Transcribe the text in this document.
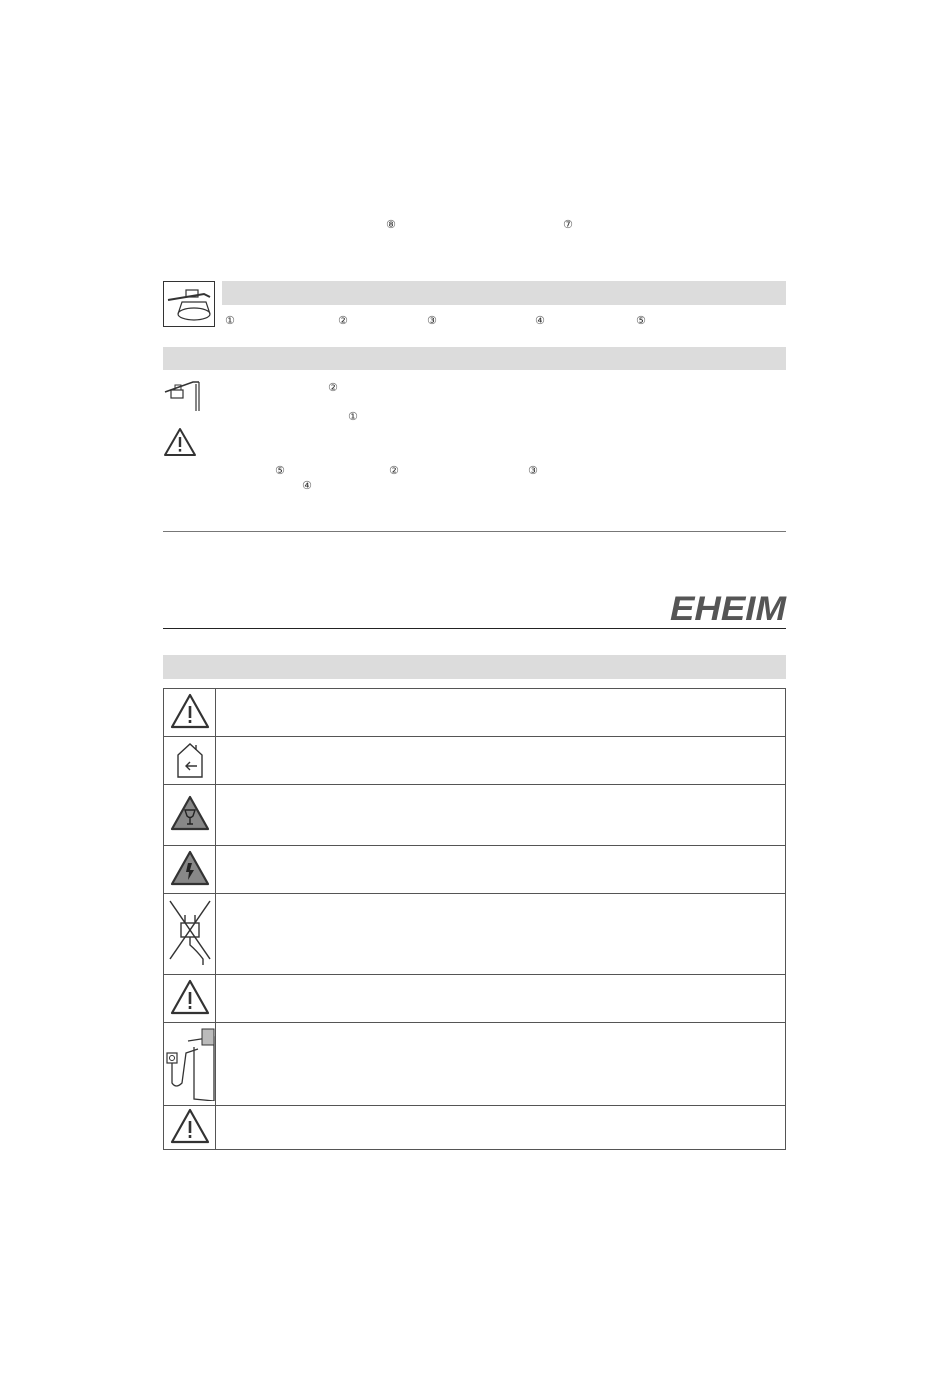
⑧	⑦
①	②	③	④	⑤
②
①
⑤	②	③
④
EHEIM
